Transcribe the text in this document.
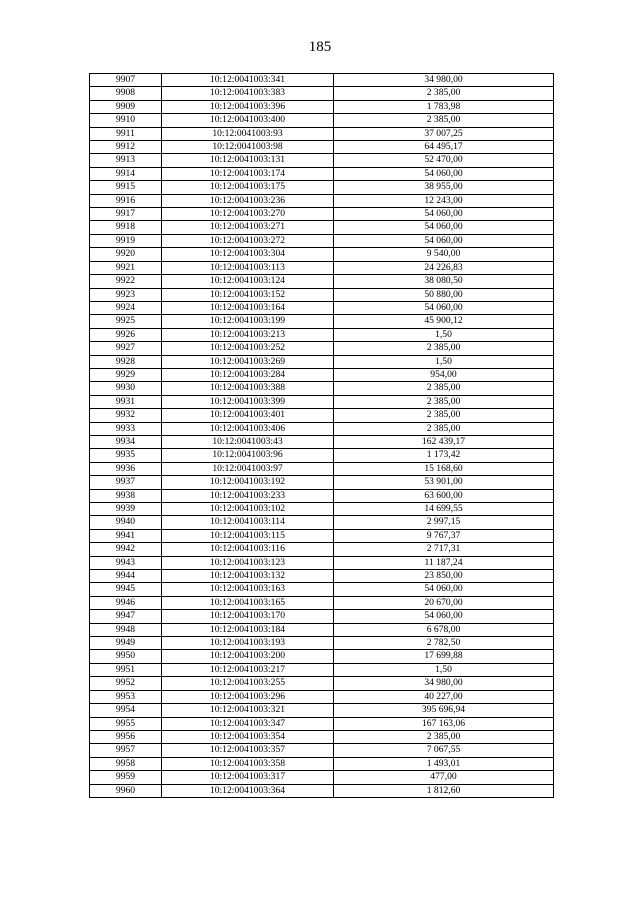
185
9907	10:12:0041003:341	34 980,00
9908	10:12:0041003:383	2 385,00
9909	10:12:0041003:396	1 783,98
9910	10:12:0041003:400	2 385,00
9911	10:12:0041003:93	37 007,25
9912	10:12:0041003:98	64 495,17
9913	10:12:0041003:131	52 470,00
9914	10:12:0041003:174	54 060,00
9915	10:12:0041003:175	38 955,00
9916	10:12:0041003:236	12 243,00
9917	10:12:0041003:270	54 060,00
9918	10:12:0041003:271	54 060,00
9919	10:12:0041003:272	54 060,00
9920	10:12:0041003:304	9 540,00
9921	10:12:0041003:113	24 226,83
9922	10:12:0041003:124	38 080,50
9923	10:12:0041003:152	50 880,00
9924	10:12:0041003:164	54 060,00
9925	10:12:0041003:199	45 900,12
9926	10:12:0041003:213	1,50
9927	10:12:0041003:252	2 385,00
9928	10:12:0041003:269	1,50
9929	10:12:0041003:284	954,00
9930	10:12:0041003:388	2 385,00
9931	10:12:0041003:399	2 385,00
9932	10:12:0041003:401	2 385,00
9933	10:12:0041003:406	2 385,00
9934	10:12:0041003:43	162 439,17
9935	10:12:0041003:96	1 173,42
9936	10:12:0041003:97	15 168,60
9937	10:12:0041003:192	53 901,00
9938	10:12:0041003:233	63 600,00
9939	10:12:0041003:102	14 699,55
9940	10:12:0041003:114	2 997,15
9941	10:12:0041003:115	9 767,37
9942	10:12:0041003:116	2 717,31
9943	10:12:0041003:123	11 187,24
9944	10:12:0041003:132	23 850,00
9945	10:12:0041003:163	54 060,00
9946	10:12:0041003:165	20 670,00
9947	10:12:0041003:170	54 060,00
9948	10:12:0041003:184	6 678,00
9949	10:12:0041003:193	2 782,50
9950	10:12:0041003:200	17 699,88
9951	10:12:0041003:217	1,50
9952	10:12:0041003:255	34 980,00
9953	10:12:0041003:296	40 227,00
9954	10:12:0041003:321	395 696,94
9955	10:12:0041003:347	167 163,06
9956	10:12:0041003:354	2 385,00
9957	10:12:0041003:357	7 067,55
9958	10:12:0041003:358	1 493,01
9959	10:12:0041003:317	477,00
9960	10:12:0041003:364	1 812,60
